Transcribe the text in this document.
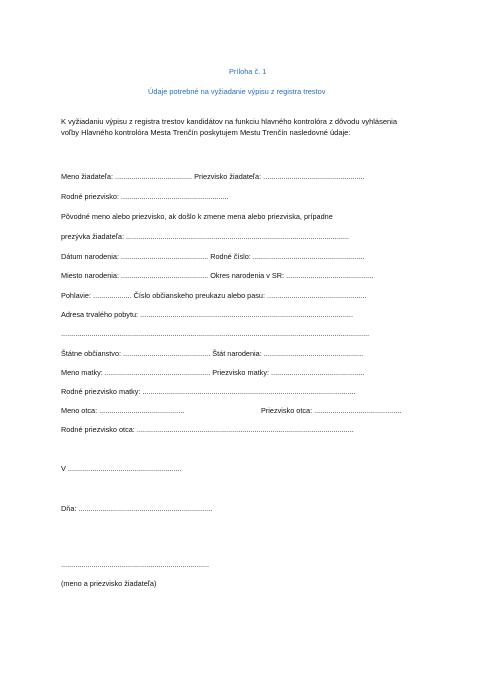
Príloha č. 1
Údaje potrebné na vyžiadanie výpisu z registra trestov
K vyžiadaniu výpisu z registra trestov kandidátov na funkciu hlavného kontrolóra z dôvodu vyhlásenia
voľby Hlavného kontrolóra Mesta Trenčín poskytujem Mestu Trenčín nasledovné údaje:
Meno žiadateľa: ...................................... Priezvisko žiadateľa: ..................................................
Rodné priezvisko: .....................................................
Pôvodné meno alebo priezvisko, ak došlo k zmene mena alebo priezviska, prípadne
prezývka žiadateľa: ..............................................................................................................
Dátum narodenia: ........................................... Rodné číslo: .......................................................
Miesto narodenia: ........................................... Okres narodenia v SR: ...........................................
Pohlavie: ................... Číslo občianskeho preukazu alebo pasu: .................................................
Adresa trvalého pobytu: .........................................................................................................
........................................................................................................................................................
Štátne občianstvo: ........................................... Štát narodenia: .................................................
Meno matky: .................................................... Priezvisko matky: ..............................................
Rodné priezvisko matky: .........................................................................................................
Meno otca: ..........................................	Priezvisko otca: ...........................................
Rodné priezvisko otca: ...........................................................................................................
V ........................................................
Dňa: ..................................................................
.........................................................................
(meno a priezvisko žiadateľa)
